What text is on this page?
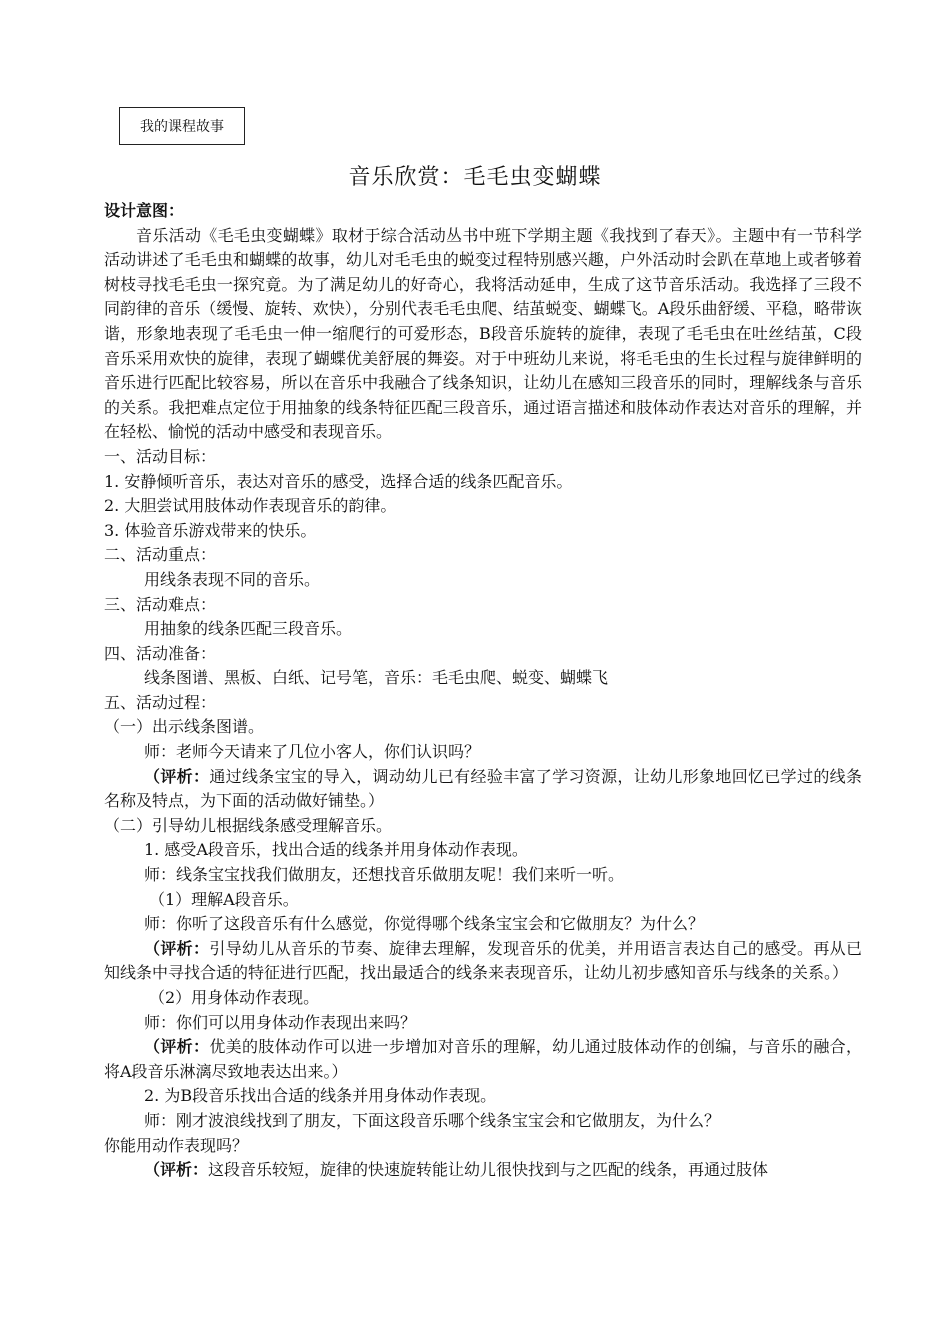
我的课程故事
音乐欣赏：毛毛虫变蝴蝶

设计意图：

音乐活动《毛毛虫变蝴蝶》取材于综合活动丛书中班下学期主题《我找到了春天》。主题中有一节科学活动讲述了毛毛虫和蝴蝶的故事，幼儿对毛毛虫的蜕变过程特别感兴趣，户外活动时会趴在草地上或者够着树枝寻找毛毛虫一探究竟。为了满足幼儿的好奇心，我将活动延申，生成了这节音乐活动。我选择了三段不同韵律的音乐（缓慢、旋转、欢快），分别代表毛毛虫爬、结茧蜕变、蝴蝶飞。A段乐曲舒缓、平稳，略带诙谐，形象地表现了毛毛虫一伸一缩爬行的可爱形态，B段音乐旋转的旋律，表现了毛毛虫在吐丝结茧，C段音乐采用欢快的旋律，表现了蝴蝶优美舒展的舞姿。对于中班幼儿来说，将毛毛虫的生长过程与旋律鲜明的音乐进行匹配比较容易，所以在音乐中我融合了线条知识，让幼儿在感知三段音乐的同时，理解线条与音乐的关系。我把难点定位于用抽象的线条特征匹配三段音乐，通过语言描述和肢体动作表达对音乐的理解，并在轻松、愉悦的活动中感受和表现音乐。

一、活动目标：

1. 安静倾听音乐，表达对音乐的感受，选择合适的线条匹配音乐。

2. 大胆尝试用肢体动作表现音乐的韵律。

3. 体验音乐游戏带来的快乐。

二、活动重点：

用线条表现不同的音乐。

三、活动难点：

用抽象的线条匹配三段音乐。

四、活动准备：

线条图谱、黑板、白纸、记号笔，音乐：毛毛虫爬、蜕变、蝴蝶飞

五、活动过程：

（一）出示线条图谱。

师：老师今天请来了几位小客人，你们认识吗？

（评析：通过线条宝宝的导入，调动幼儿已有经验丰富了学习资源，让幼儿形象地回忆已学过的线条名称及特点，为下面的活动做好铺垫。）

（二）引导幼儿根据线条感受理解音乐。

1. 感受A段音乐，找出合适的线条并用身体动作表现。

师：线条宝宝找我们做朋友，还想找音乐做朋友呢！我们来听一听。

（1）理解A段音乐。

师：你听了这段音乐有什么感觉，你觉得哪个线条宝宝会和它做朋友？为什么？

（评析：引导幼儿从音乐的节奏、旋律去理解，发现音乐的优美，并用语言表达自己的感受。再从已知线条中寻找合适的特征进行匹配，找出最适合的线条来表现音乐，让幼儿初步感知音乐与线条的关系。）

（2）用身体动作表现。

师：你们可以用身体动作表现出来吗？

（评析：优美的肢体动作可以进一步增加对音乐的理解，幼儿通过肢体动作的创编，与音乐的融合，将A段音乐淋漓尽致地表达出来。）

2. 为B段音乐找出合适的线条并用身体动作表现。

师：刚才波浪线找到了朋友，下面这段音乐哪个线条宝宝会和它做朋友，为什么？

你能用动作表现吗？

（评析：这段音乐较短，旋律的快速旋转能让幼儿很快找到与之匹配的线条，再通过肢体
